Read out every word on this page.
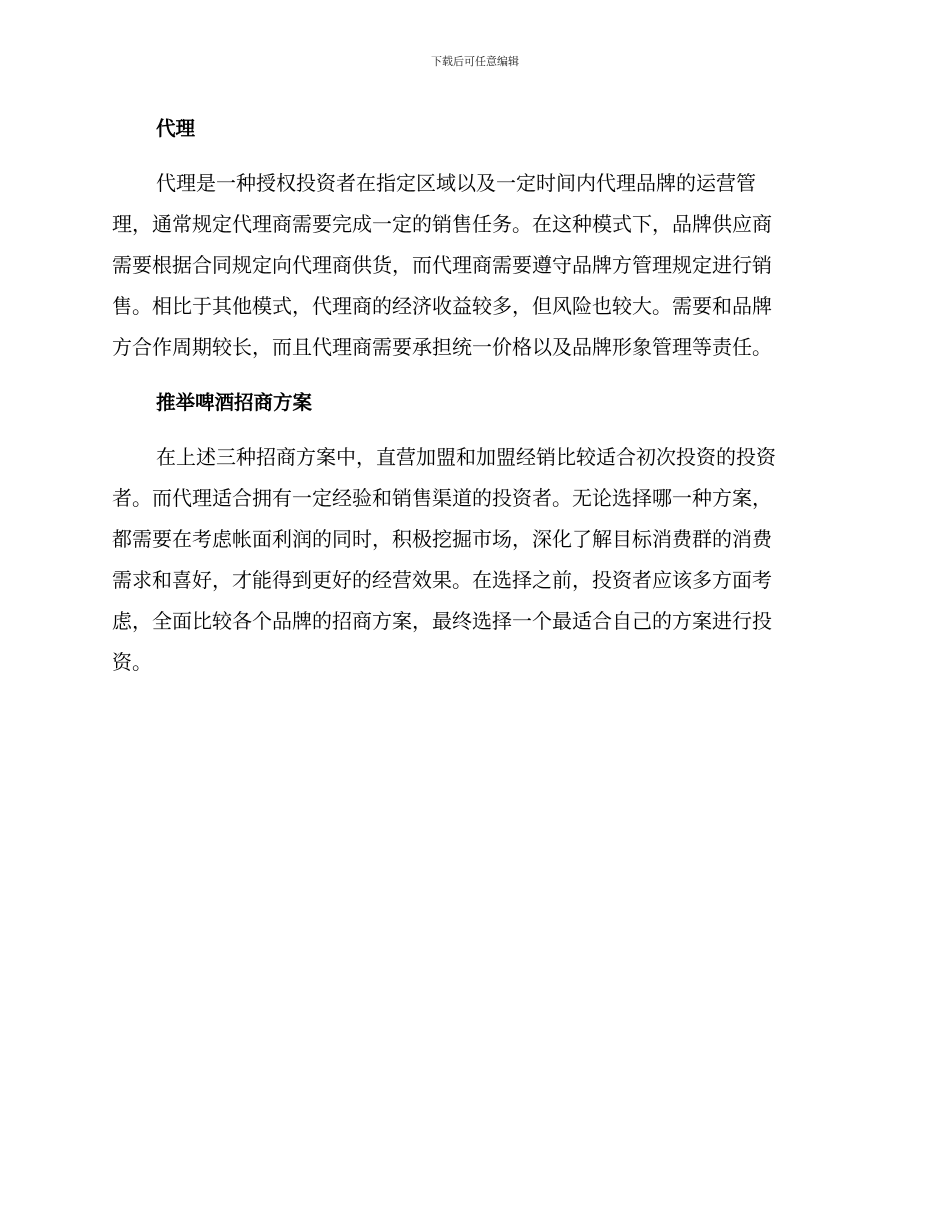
下载后可任意编辑
代理
代理是一种授权投资者在指定区域以及一定时间内代理品牌的运营管
理，通常规定代理商需要完成一定的销售任务。在这种模式下，品牌供应商
需要根据合同规定向代理商供货，而代理商需要遵守品牌方管理规定进行销
售。相比于其他模式，代理商的经济收益较多，但风险也较大。需要和品牌
方合作周期较长，而且代理商需要承担统一价格以及品牌形象管理等责任。
推举啤酒招商方案
在上述三种招商方案中，直营加盟和加盟经销比较适合初次投资的投资
者。而代理适合拥有一定经验和销售渠道的投资者。无论选择哪一种方案，
都需要在考虑帐面利润的同时，积极挖掘市场，深化了解目标消费群的消费
需求和喜好，才能得到更好的经营效果。在选择之前，投资者应该多方面考
虑，全面比较各个品牌的招商方案，最终选择一个最适合自己的方案进行投
资。
